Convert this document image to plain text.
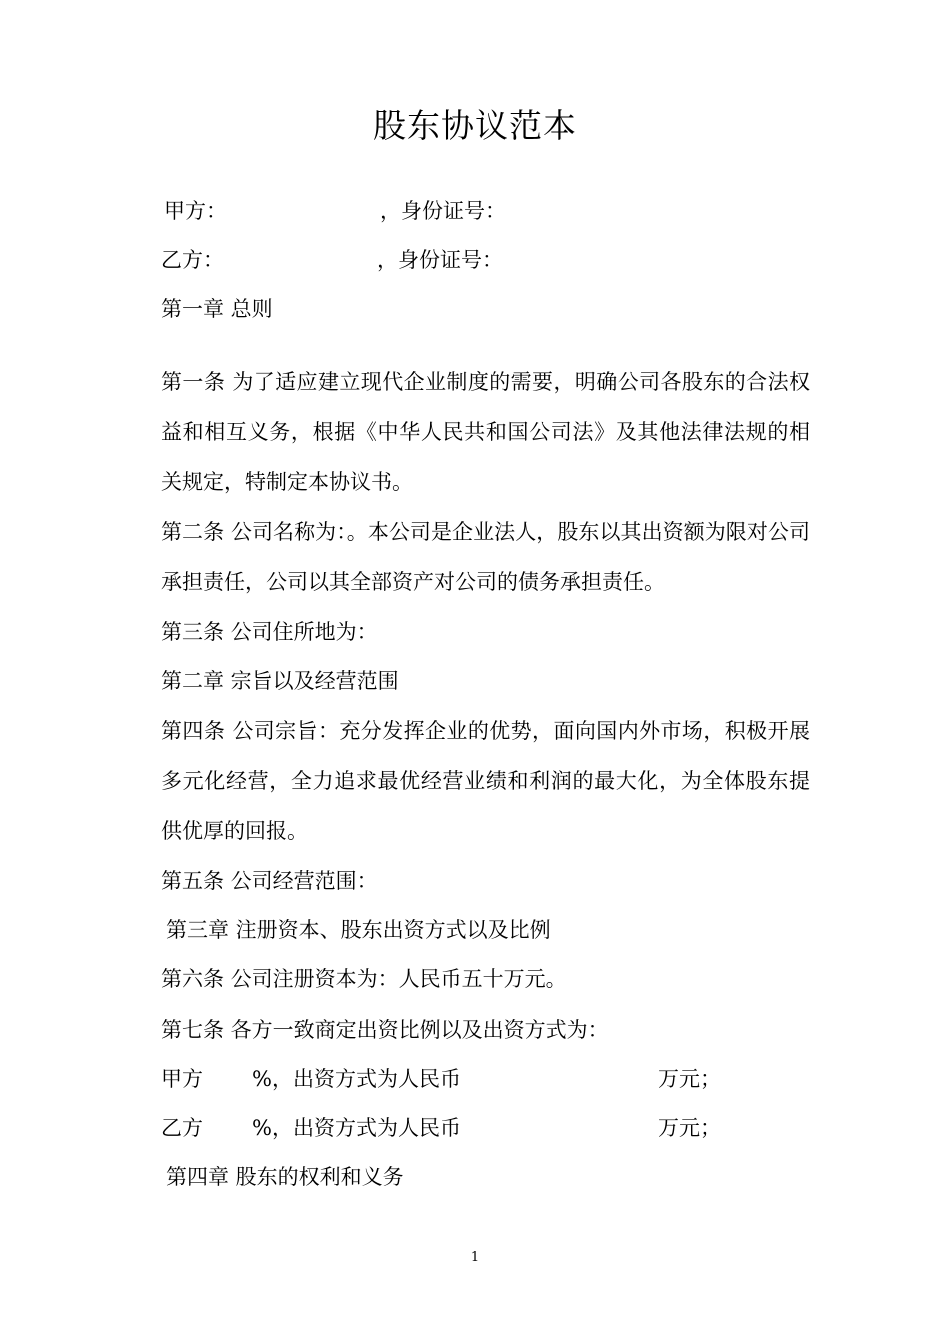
股东协议范本
甲方：	，身份证号：
乙方：	，身份证号：
第一章 总则
第一条 为了适应建立现代企业制度的需要，明确公司各股东的合法权益和相互义务，根据《中华人民共和国公司法》及其他法律法规的相关规定，特制定本协议书。
第二条 公司名称为：。本公司是企业法人，股东以其出资额为限对公司承担责任，公司以其全部资产对公司的债务承担责任。
第三条 公司住所地为：
第二章 宗旨以及经营范围
第四条 公司宗旨：充分发挥企业的优势，面向国内外市场，积极开展多元化经营，全力追求最优经营业绩和利润的最大化，为全体股东提供优厚的回报。
第五条 公司经营范围：
第三章 注册资本、股东出资方式以及比例
第六条 公司注册资本为：人民币五十万元。
第七条 各方一致商定出资比例以及出资方式为：
甲方 %，出资方式为人民币	万元；
乙方 %，出资方式为人民币	万元；
第四章 股东的权利和义务
1
